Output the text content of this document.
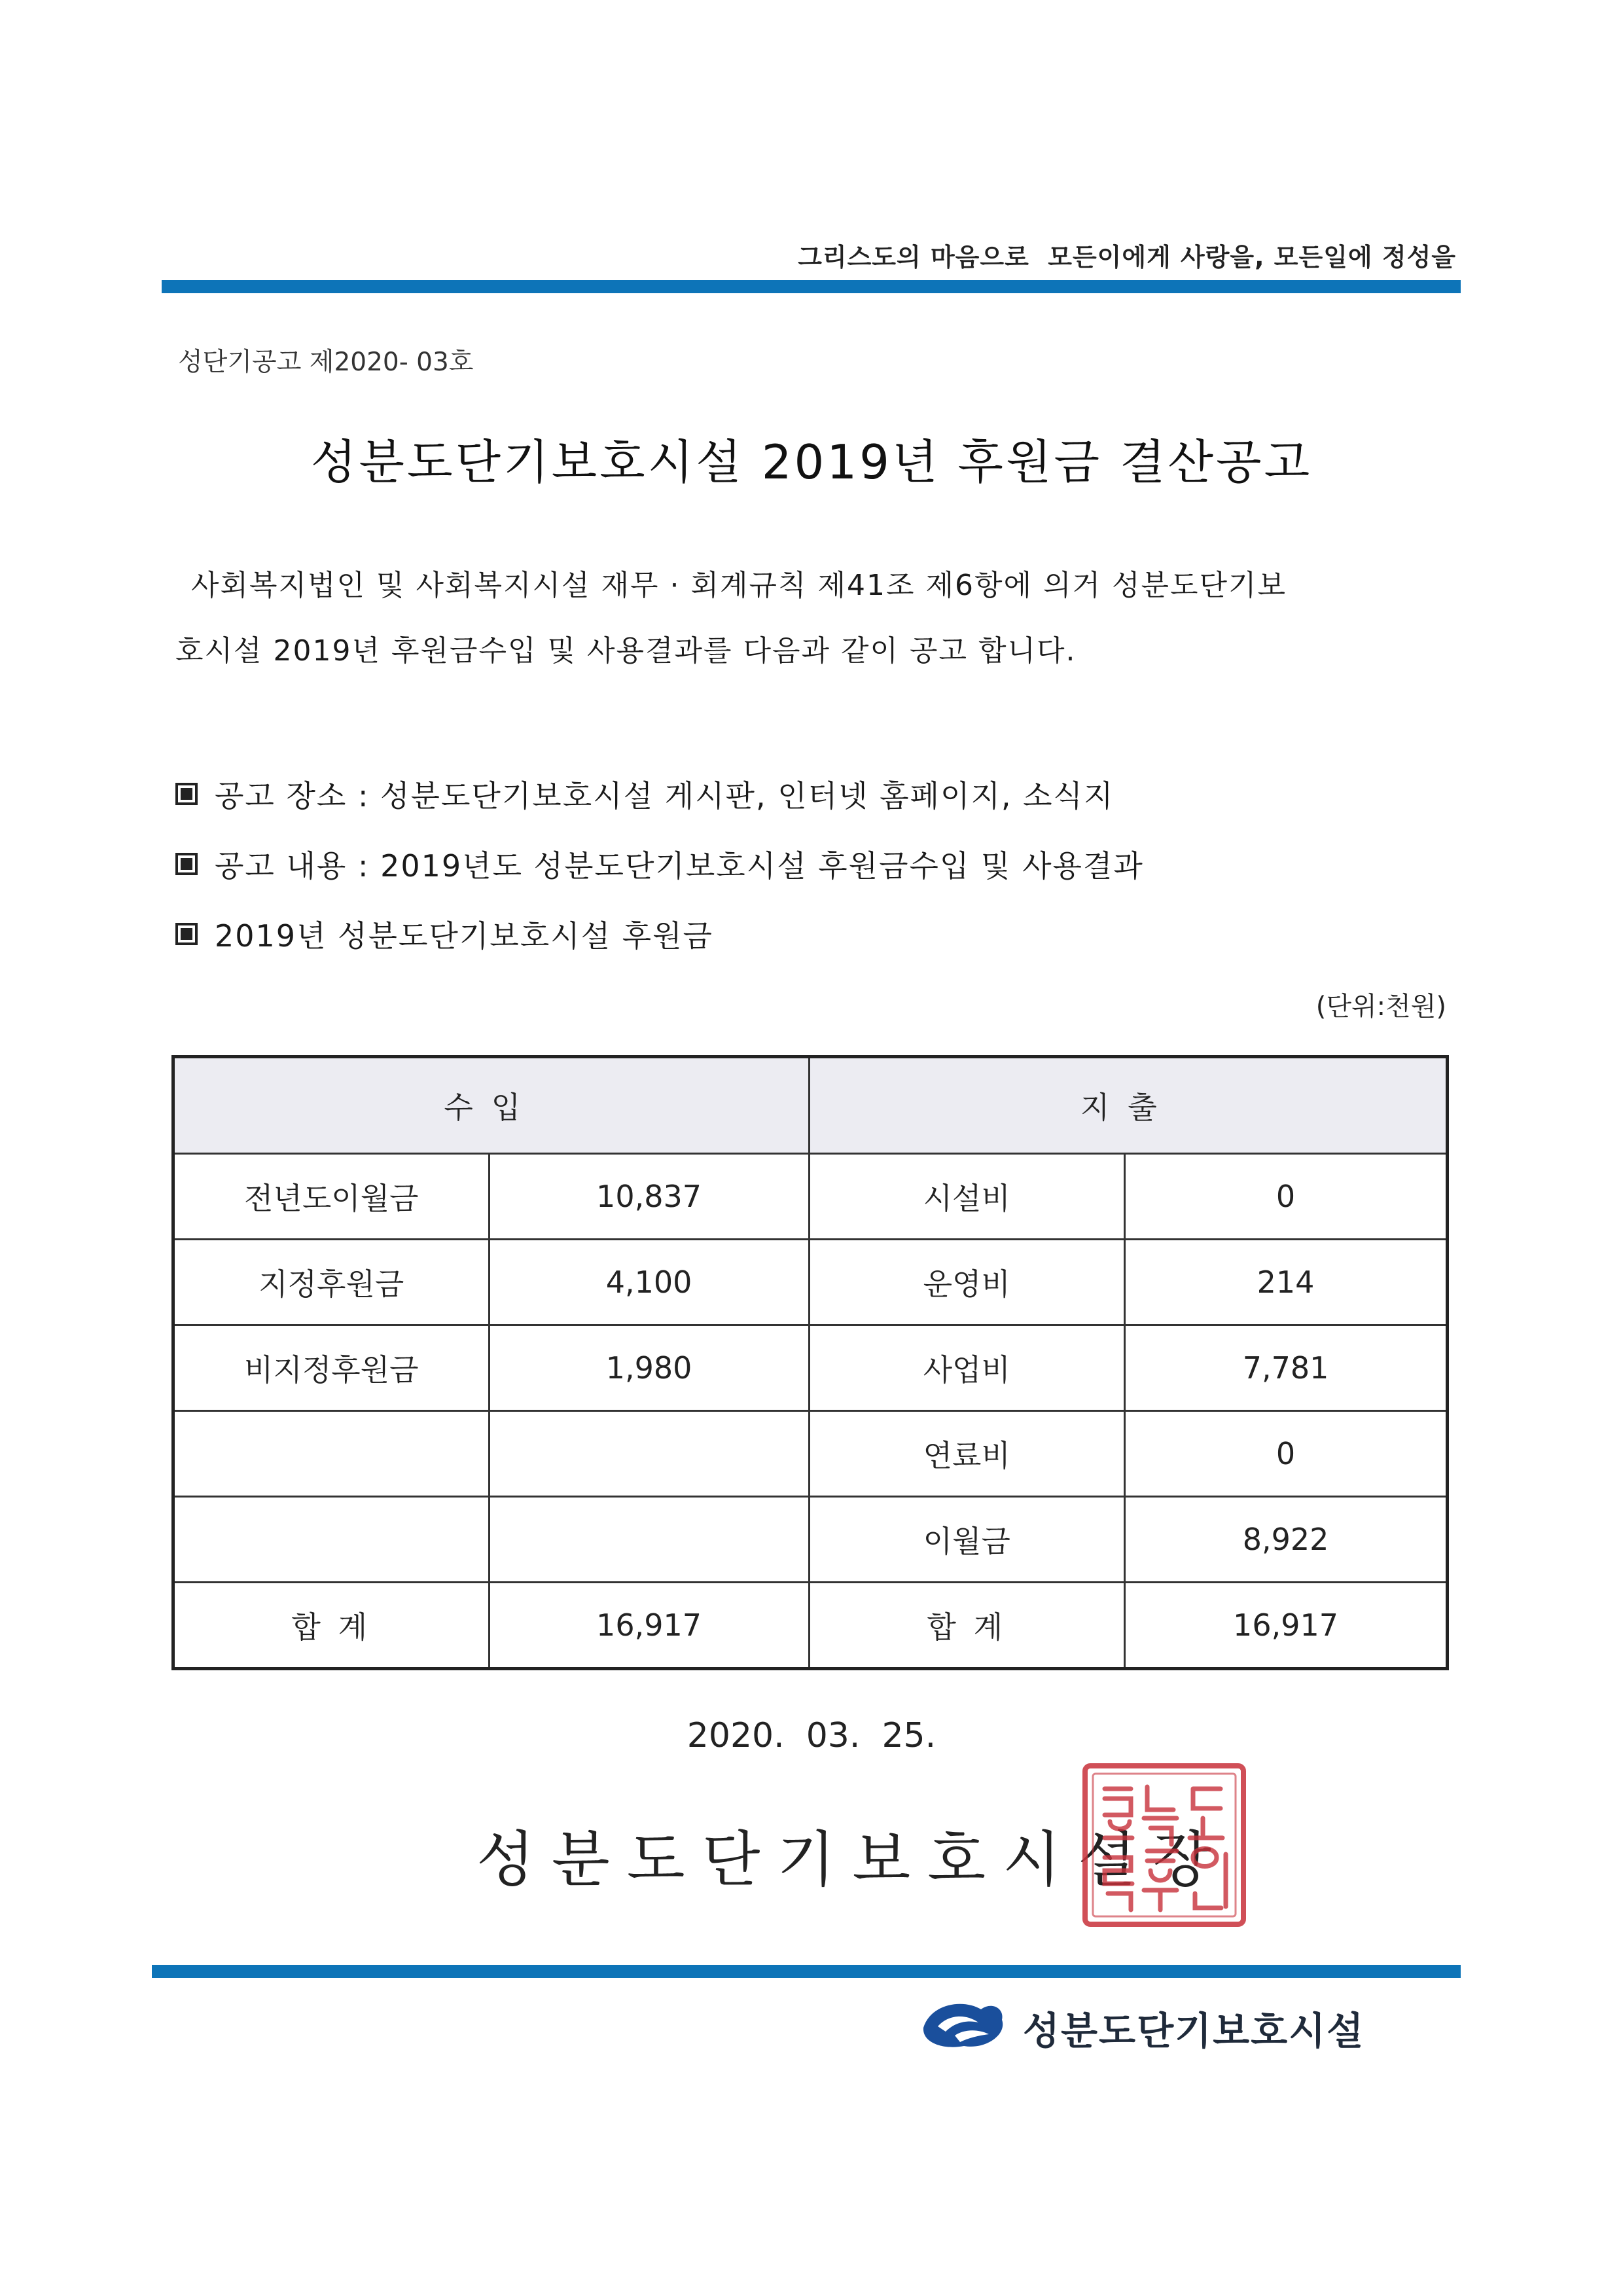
그리스도의 마음으로  모든이에게 사랑을, 모든일에 정성을
성단기공고 제2020- 03호
성분도단기보호시설 2019년 후원금 결산공고
사회복지법인 및 사회복지시설 재무 · 회계규칙 제41조 제6항에 의거 성분도단기보
호시설 2019년 후원금수입 및 사용결과를 다음과 같이 공고 합니다.
공고 장소 : 성분도단기보호시설 게시판, 인터넷 홈페이지, 소식지
공고 내용 : 2019년도 성분도단기보호시설 후원금수입 및 사용결과
2019년 성분도단기보호시설 후원금
(단위:천원)
수입		지출	
전년도이월금	10,837	시설비	0
지정후원금	4,100	운영비	214
비지정후원금	1,980	사업비	7,781
		연료비	0
		이월금	8,922
합 계	16,917	합 계	16,917
2020.  03.  25.
성분도단기보호시설장
성분도단기보호시설
